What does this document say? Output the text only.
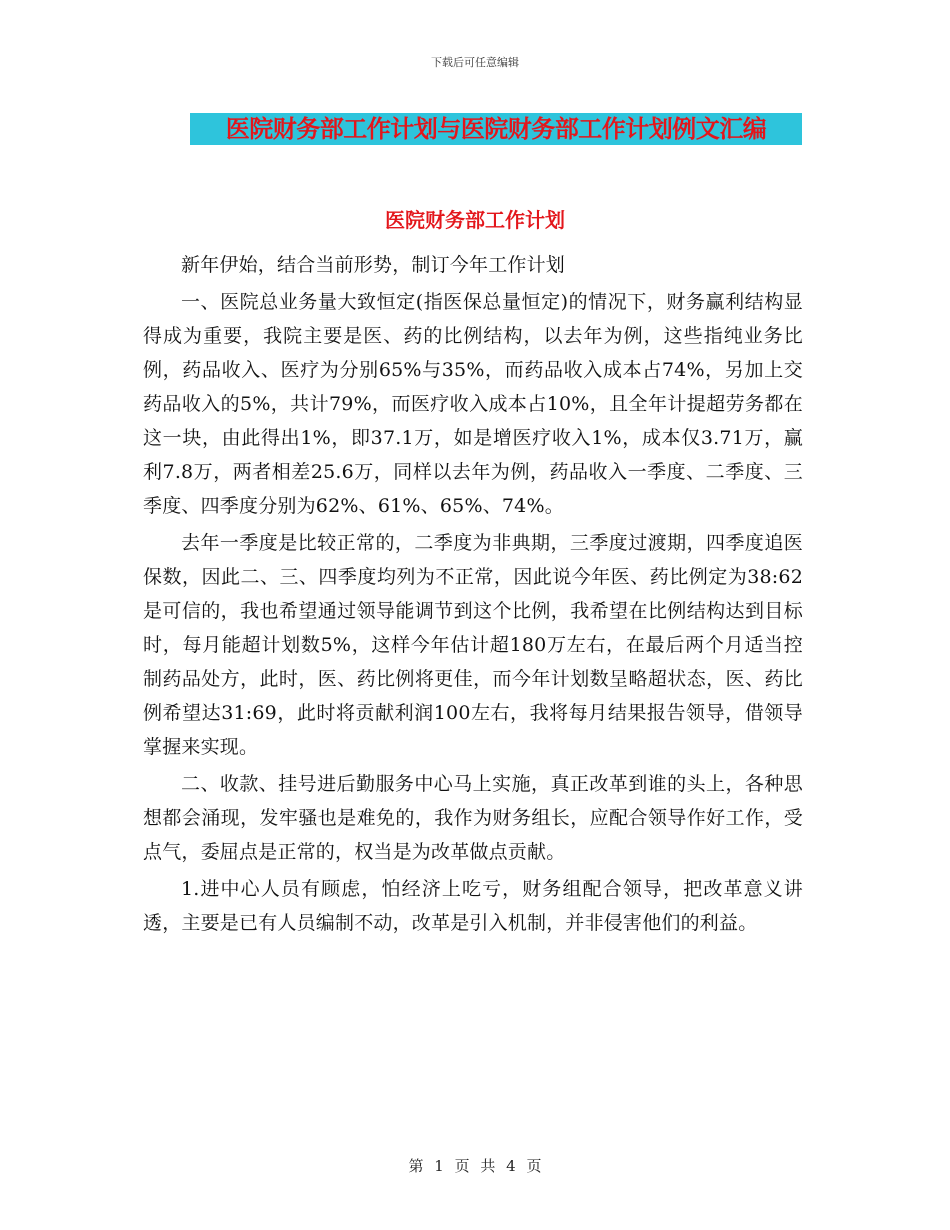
下载后可任意编辑
医院财务部工作计划与医院财务部工作计划例文汇编
医院财务部工作计划

新年伊始，结合当前形势，制订今年工作计划

一、医院总业务量大致恒定(指医保总量恒定)的情况下，财务赢利结构显得成为重要，我院主要是医、药的比例结构，以去年为例，这些指纯业务比例，药品收入、医疗为分别65%与35%，而药品收入成本占74%，另加上交药品收入的5%，共计79%，而医疗收入成本占10%，且全年计提超劳务都在这一块，由此得出1%，即37.1万，如是增医疗收入1%，成本仅3.71万，赢利7.8万，两者相差25.6万，同样以去年为例，药品收入一季度、二季度、三季度、四季度分别为62%、61%、65%、74%。

去年一季度是比较正常的，二季度为非典期，三季度过渡期，四季度追医保数，因此二、三、四季度均列为不正常，因此说今年医、药比例定为38:62是可信的，我也希望通过领导能调节到这个比例，我希望在比例结构达到目标时，每月能超计划数5%，这样今年估计超180万左右，在最后两个月适当控制药品处方，此时，医、药比例将更佳，而今年计划数呈略超状态，医、药比例希望达31:69，此时将贡献利润100左右，我将每月结果报告领导，借领导掌握来实现。

二、收款、挂号进后勤服务中心马上实施，真正改革到谁的头上，各种思想都会涌现，发牢骚也是难免的，我作为财务组长，应配合领导作好工作，受点气，委屈点是正常的，权当是为改革做点贡献。

1.进中心人员有顾虑，怕经济上吃亏，财务组配合领导，把改革意义讲透，主要是已有人员编制不动，改革是引入机制，并非侵害他们的利益。

第 1 页 共 4 页
